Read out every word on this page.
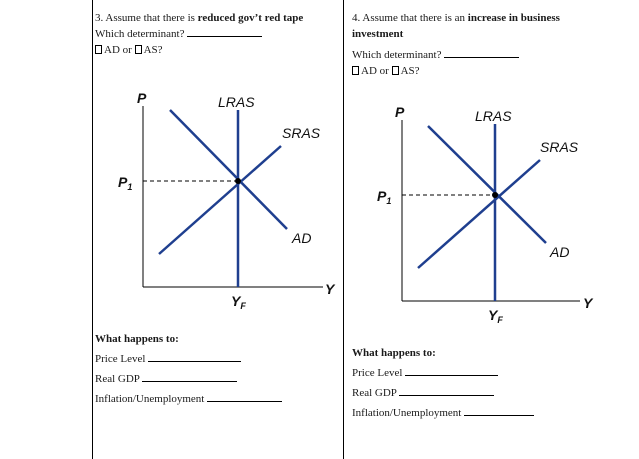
3. Assume that there is reduced gov’t red tape
Which determinant?
AD or AS?
P	LRAS
SRAS
AD
Y
$P_1$
$Y_F$
What happens to:
Price Level
Real GDP
Inflation/Unemployment
4. Assume that there is an increase in business
investment
Which determinant?
AD or AS?
P	LRAS
SRAS
AD
Y
$P_1$
$Y_F$
What happens to:
Price Level
Real GDP
Inflation/Unemployment
